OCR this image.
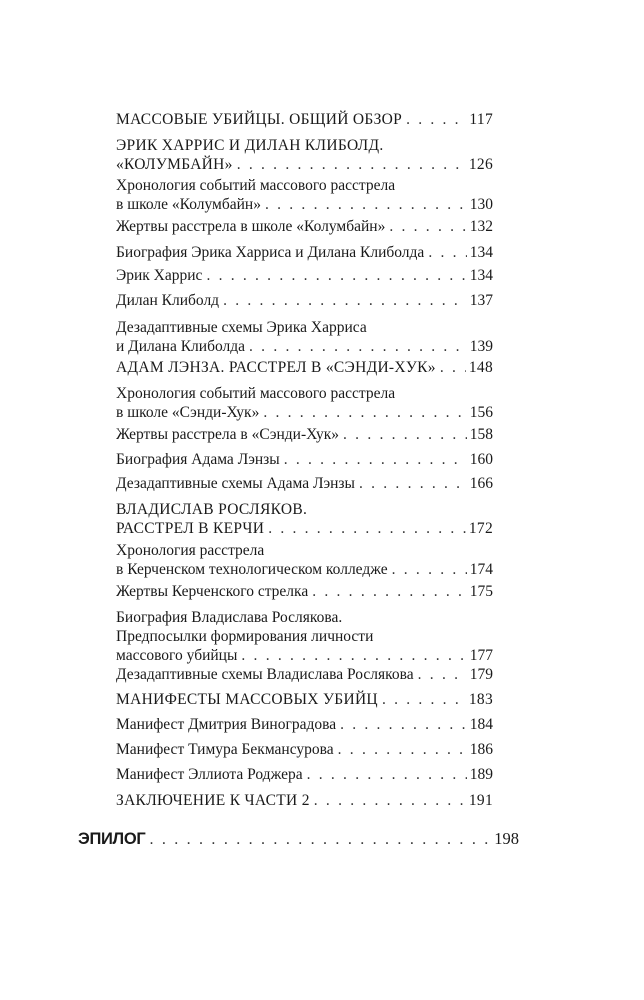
МАССОВЫЕ УБИЙЦЫ. ОБЩИЙ ОБЗОР . . .	117
ЭРИК ХАРРИС И ДИЛАН КЛИБОЛД.
«КОЛУМБАЙН» . . .	126
Хронология событий массового расстрела
в школе «Колумбайн» . . .	130
Жертвы расстрела в школе «Колумбайн» . . .	132
Биография Эрика Харриса и Дилана Клиболда . . .	134
Эрик Харрис . . .	134
Дилан Клиболд . . .	137
Дезадаптивные схемы Эрика Харриса
и Дилана Клиболда . . .	139
АДАМ ЛЭНЗА. РАССТРЕЛ В «СЭНДИ-ХУК» . . . 148
Хронология событий массового расстрела
в школе «Сэнди-Хук» . . .	156
Жертвы расстрела в «Сэнди-Хук» . . .	158
Биография Адама Лэнзы . . .	160
Дезадаптивные схемы Адама Лэнзы . . .	166
ВЛАДИСЛАВ РОСЛЯКОВ.
РАССТРЕЛ В КЕРЧИ . . .	172
Хронология расстрела
в Керченском технологическом колледже . . .	174
Жертвы Керченского стрелка . . .	175
Биография Владислава Рослякова.
Предпосылки формирования личности
массового убийцы . . .	177
Дезадаптивные схемы Владислава Рослякова . . .	179
МАНИФЕСТЫ МАССОВЫХ УБИЙЦ . . .	183
Манифест Дмитрия Виноградова . . .	184
Манифест Тимура Бекмансурова . . .	186
Манифест Эллиота Роджера . . .	189
ЗАКЛЮЧЕНИЕ К ЧАСТИ 2 . . .	191
ЭПИЛОГ . . .	198
